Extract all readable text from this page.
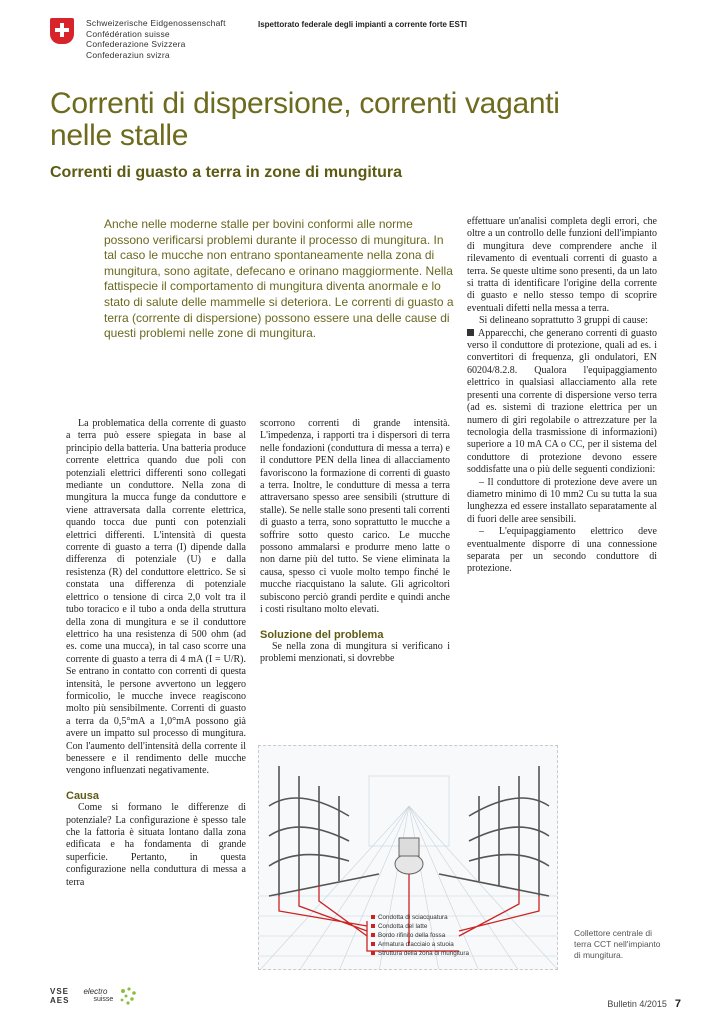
Schweizerische Eidgenossenschaft
Confédération suisse
Confederazione Svizzera
Confederaziun svizra
Ispettorato federale degli impianti a corrente forte ESTI
Correnti di dispersione, correnti vaganti nelle stalle
Correnti di guasto a terra in zone di mungitura
Anche nelle moderne stalle per bovini conformi alle norme possono verificarsi problemi durante il processo di mungitura. In tal caso le mucche non entrano spontaneamente nella zona di mungitura, sono agitate, defecano e orinano maggiormente. Nella fattispecie il comportamento di mungitura diventa anormale e lo stato di salute delle mammelle si deteriora. Le correnti di guasto a terra (corrente di dispersione) possono essere una delle cause di questi problemi nelle zone di mungitura.

La problematica della corrente di guasto a terra può essere spiegata in base al principio della batteria. Una batteria produce corrente elettrica quando due poli con potenziali elettrici differenti sono collegati mediante un conduttore. Nella zona di mungitura la mucca funge da conduttore e viene attraversata dalla corrente elettrica, quando tocca due punti con potenziali elettrici differenti. L'intensità di questa corrente di guasto a terra (I) dipende dalla differenza di potenziale (U) e dalla resistenza (R) del conduttore elettrico. Se si constata una differenza di potenziale elettrico o tensione di circa 2,0 volt tra il tubo toracico e il tubo a onda della struttura della zona di mungitura e se il conduttore elettrico ha una resistenza di 500 ohm (ad es. come una mucca), in tal caso scorre una corrente di guasto a terra di 4 mA (I = U/R). Se entrano in contatto con correnti di questa intensità, le persone avvertono un leggero formicolio, le mucche invece reagiscono molto più sensibilmente. Correnti di guasto a terra da 0,5°mA a 1,0°mA possono già avere un impatto sul processo di mungitura. Con l'aumento dell'intensità della corrente il benessere e il rendimento delle mucche vengono influenzati negativamente.

Causa

Come si formano le differenze di potenziale? La configurazione è spesso tale che la fattoria è situata lontano dalla zona edificata e ha fondamenta di grande superficie. Pertanto, in questa configurazione nella conduttura di messa a terra

scorrono correnti di grande intensità. L'impedenza, i rapporti tra i dispersori di terra nelle fondazioni (conduttura di messa a terra) e il conduttore PEN della linea di allacciamento favoriscono la formazione di correnti di guasto a terra. Inoltre, le condutture di messa a terra attraversano spesso aree sensibili (strutture di stalle). Se nelle stalle sono presenti tali correnti di guasto a terra, sono soprattutto le mucche a soffrire sotto questo carico. Le mucche possono ammalarsi e produrre meno latte o non darne più del tutto. Se viene eliminata la causa, spesso ci vuole molto tempo finché le mucche riacquistano la salute. Gli agricoltori subiscono perciò grandi perdite e quindi anche i costi risultano molto elevati.

Soluzione del problema

Se nella zona di mungitura si verificano i problemi menzionati, si dovrebbe

effettuare un'analisi completa degli errori, che oltre a un controllo delle funzioni dell'impianto di mungitura deve comprendere anche il rilevamento di eventuali correnti di guasto a terra. Se queste ultime sono presenti, da un lato si tratta di identificare l'origine della corrente di guasto e nello stesso tempo di scoprire eventuali difetti nella messa a terra.

Si delineano soprattutto 3 gruppi di cause:

Apparecchi, che generano correnti di guasto verso il conduttore di protezione, quali ad es. i convertitori di frequenza, gli ondulatori, EN 60204/8.2.8. Qualora l'equipaggiamento elettrico in qualsiasi allacciamento alla rete presenti una corrente di dispersione verso terra (ad es. sistemi di trazione elettrica per un numero di giri regolabile o attrezzature per la tecnologia della trasmissione di informazioni) superiore a 10 mA CA o CC, per il sistema del conduttore di protezione devono essere soddisfatte una o più delle seguenti condizioni:

– Il conduttore di protezione deve avere un diametro minimo di 10 mm2 Cu su tutta la sua lunghezza ed essere installato separatamente al di fuori delle aree sensibili.

– L'equipaggiamento elettrico deve eventualmente disporre di una connessione separata per un secondo conduttore di protezione.

Condotta di sciacquatura
Condotta del latte
Bordo rifinito della fossa
Armatura d'acciaio a stuoia
Struttura della zona di mungitura
Collettore centrale di terra CCT nell'impianto di mungitura.
VSE
AES
electro
suisse	Bulletin 4/2015 7
